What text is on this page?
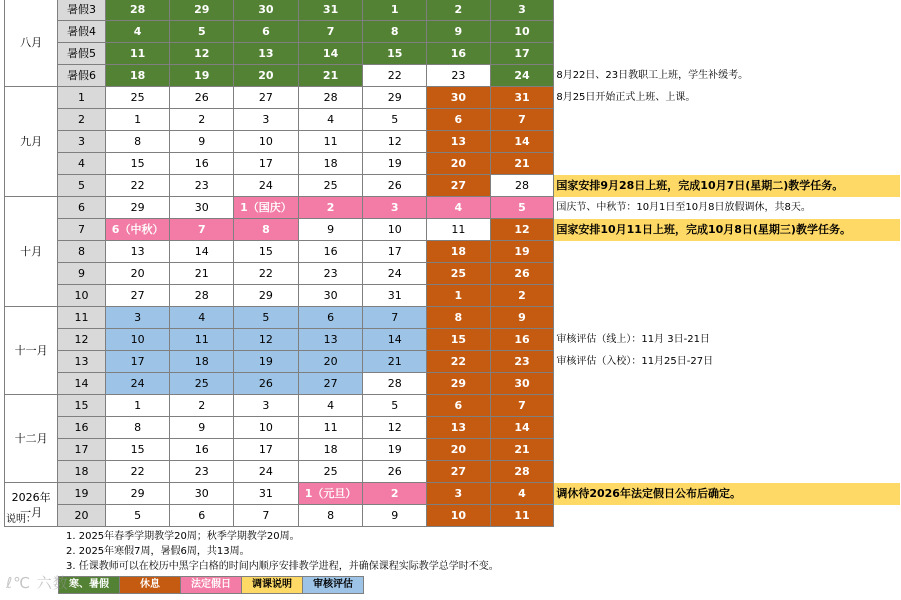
八月	暑假3	28	29	30	31	1	2	3	
	暑假4	4	5	6	7	8	9	10	
	暑假5	11	12	13	14	15	16	17	
	暑假6	18	19	20	21	22	23	24	8月22日、23日教职工上班，学生补缓考。
九月	1	25	26	27	28	29	30	31	8月25日开始正式上班、上课。
	2	1	2	3	4	5	6	7	
	3	8	9	10	11	12	13	14	
	4	15	16	17	18	19	20	21	
	5	22	23	24	25	26	27	28	国家安排9月28日上班，完成10月7日(星期二)教学任务。
十月	6	29	30	1（国庆）	2	3	4	5	国庆节、中秋节：10月1日至10月8日放假调休，共8天。
	7	6（中秋）	7	8	9	10	11	12	国家安排10月11日上班，完成10月8日(星期三)教学任务。
	8	13	14	15	16	17	18	19	
	9	20	21	22	23	24	25	26	
	10	27	28	29	30	31	1	2	
十一月	11	3	4	5	6	7	8	9	
	12	10	11	12	13	14	15	16	审核评估（线上）：11月 3日-21日
	13	17	18	19	20	21	22	23	审核评估（入校）：11月25日-27日
	14	24	25	26	27	28	29	30	
十二月	15	1	2	3	4	5	6	7	
	16	8	9	10	11	12	13	14	
	17	15	16	17	18	19	20	21	
	18	22	23	24	25	26	27	28	
2026年
一月	19	29	30	31	1（元旦）	2	3	4	调休待2026年法定假日公布后确定。
	20	5	6	7	8	9	10	11	
说明：
1. 2025年春季学期教学20周；秋季学期教学20周。
2. 2025年寒假7周，暑假6周，共13周。
3. 任课教师可以在校历中黑字白格的时间内顺序安排教学进程，并确保课程实际教学总学时不变。
寒、暑假	休息	法定假日	调课说明	审核评估
ℓ℃ 六数
